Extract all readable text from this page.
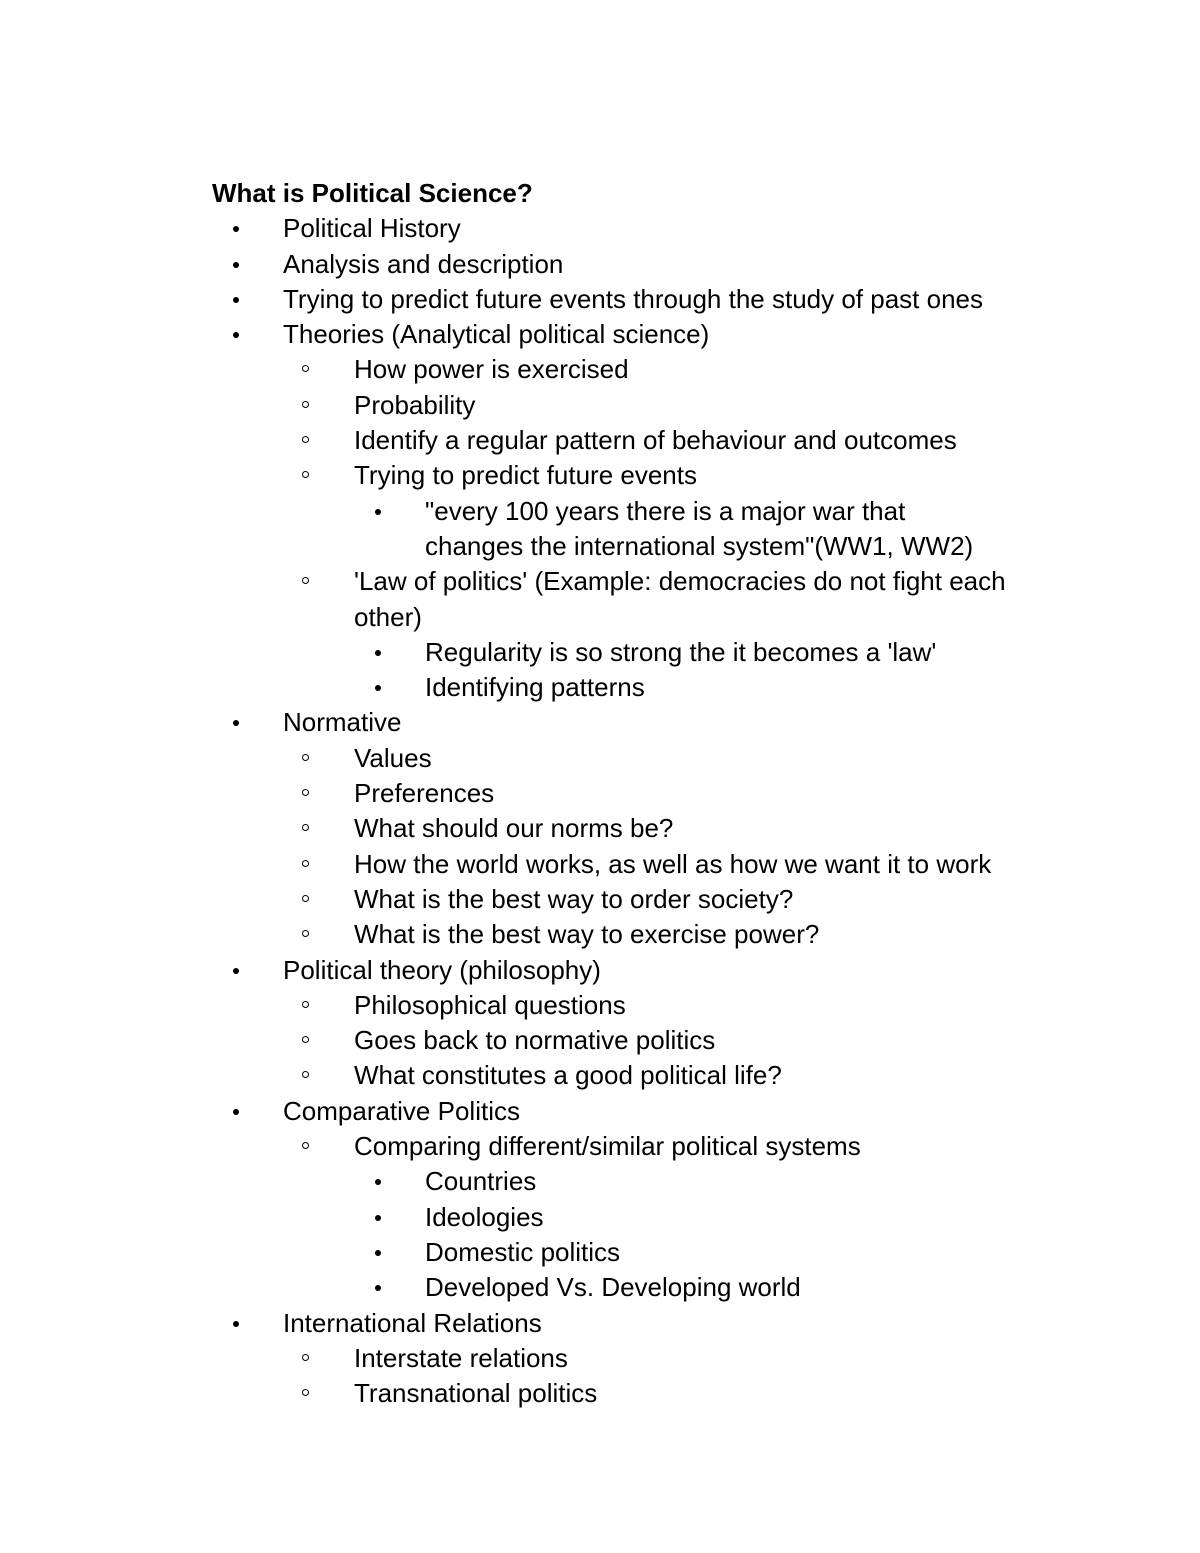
What is Political Science?
Political History
Analysis and description
Trying to predict future events through the study of past ones
Theories (Analytical political science)
How power is exercised
Probability
Identify a regular pattern of behaviour and outcomes
Trying to predict future events
"every 100 years there is a major war that changes the international system"(WW1, WW2)
'Law of politics' (Example: democracies do not fight each other)
Regularity is so strong the it becomes a 'law'
Identifying patterns
Normative
Values
Preferences
What should our norms be?
How the world works, as well as how we want it to work
What is the best way to order society?
What is the best way to exercise power?
Political theory (philosophy)
Philosophical questions
Goes back to normative politics
What constitutes a good political life?
Comparative Politics
Comparing different/similar political systems
Countries
Ideologies
Domestic politics
Developed Vs. Developing world
International Relations
Interstate relations
Transnational politics
